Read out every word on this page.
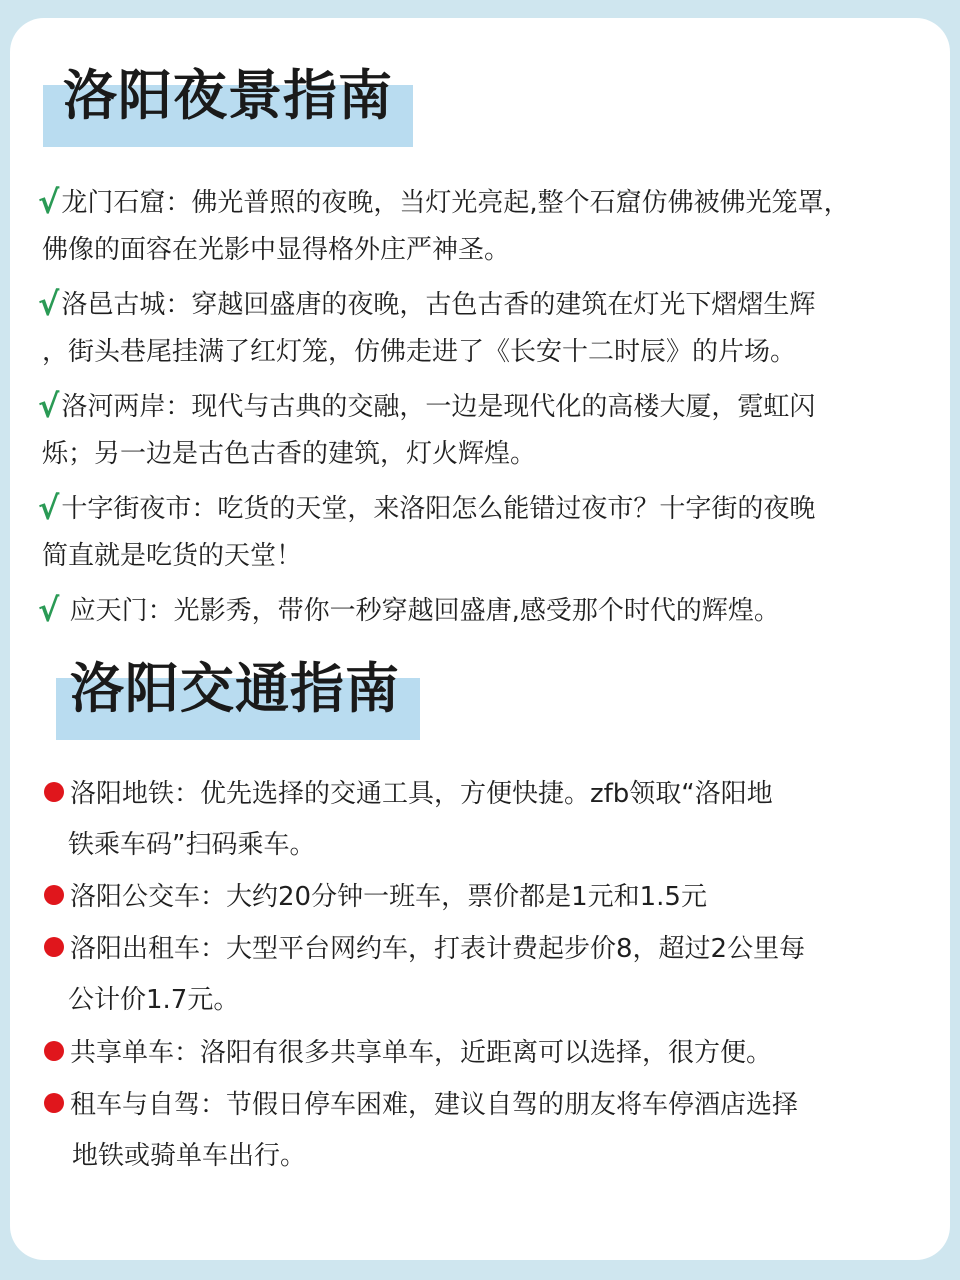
洛阳夜景指南
√龙门石窟：佛光普照的夜晚，当灯光亮起,整个石窟仿佛被佛光笼罩，
佛像的面容在光影中显得格外庄严神圣。
√洛邑古城：穿越回盛唐的夜晚，古色古香的建筑在灯光下熠熠生辉
，街头巷尾挂满了红灯笼，仿佛走进了《长安十二时辰》的片场。
√洛河两岸：现代与古典的交融，一边是现代化的高楼大厦，霓虹闪
烁；另一边是古色古香的建筑，灯火辉煌。
√十字街夜市：吃货的天堂，来洛阳怎么能错过夜市？十字街的夜晚
简直就是吃货的天堂！
√ 应天门：光影秀，带你一秒穿越回盛唐,感受那个时代的辉煌。
洛阳交通指南
洛阳地铁：优先选择的交通工具，方便快捷。zfb领取“洛阳地
铁乘车码”扫码乘车。
洛阳公交车：大约20分钟一班车，票价都是1元和1.5元
洛阳出租车：大型平台网约车，打表计费起步价8，超过2公里每
公计价1.7元。
共享单车：洛阳有很多共享单车，近距离可以选择，很方便。
租车与自驾：节假日停车困难，建议自驾的朋友将车停酒店选择
地铁或骑单车出行。
